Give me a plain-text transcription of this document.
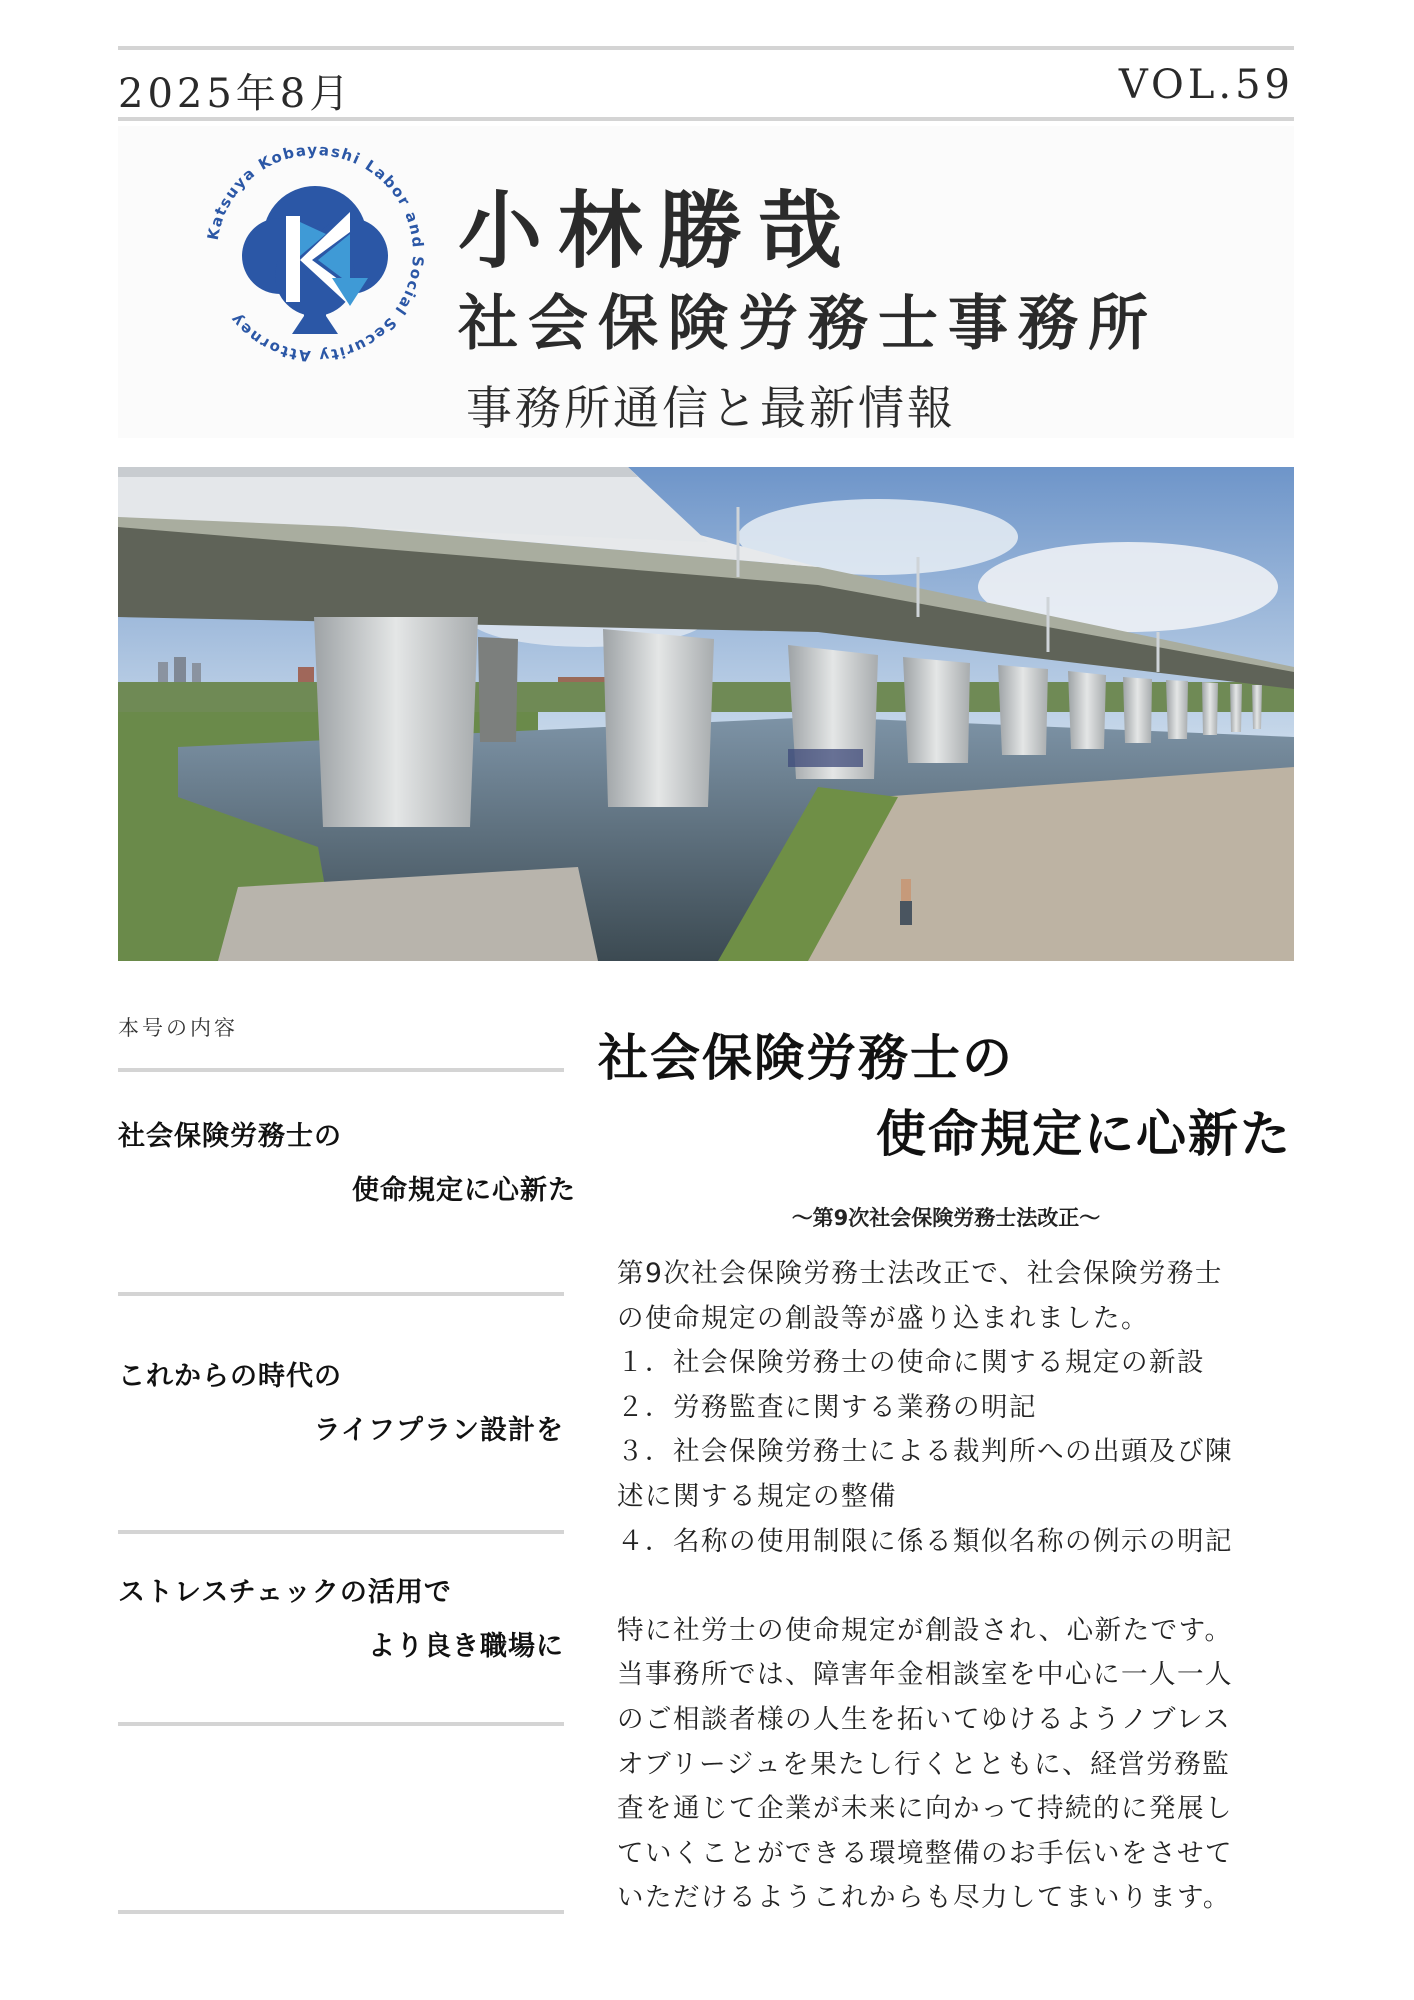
2025年8月	VOL.59
Katsuya Kobayashi Labor and Social Security Attorney
小林勝哉
社会保険労務士事務所
事務所通信と最新情報
本号の内容
社会保険労務士の
使命規定に心新た
これからの時代の
ライフプラン設計を
ストレスチェックの活用で
より良き職場に
社会保険労務士の
使命規定に心新た
～第9次社会保険労務士法改正～

第9次社会保険労務士法改正で、社会保険労務士

の使命規定の創設等が盛り込まれました。

１．社会保険労務士の使命に関する規定の新設

２．労務監査に関する業務の明記

３．社会保険労務士による裁判所への出頭及び陳

述に関する規定の整備

４．名称の使用制限に係る類似名称の例示の明記

特に社労士の使命規定が創設され、心新たです。

当事務所では、障害年金相談室を中心に一人一人

のご相談者様の人生を拓いてゆけるようノブレス

オブリージュを果たし行くとともに、経営労務監

査を通じて企業が未来に向かって持続的に発展し

ていくことができる環境整備のお手伝いをさせて

いただけるようこれからも尽力してまいります。
